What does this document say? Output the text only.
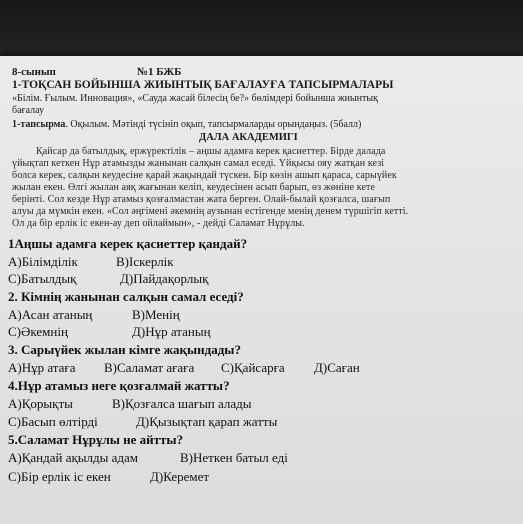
8-сынып	№1 БЖБ

1-ТОҚСАН БОЙЫНША ЖИЫНТЫҚ БАҒАЛАУҒА ТАПСЫРМАЛАРЫ

«Білім. Ғылым. Инновация», «Сауда жасай білесің бе?» бөлімдері бойынша жиынтық

бағалау

1-тапсырма. Оқылым. Мәтінді түсініп оқып, тапсырмаларды орындаңыз. (5балл)

ДАЛА АКАДЕМИГІ

Қайсар да батылдық, ержүректілік – аңшы адамға керек қасиеттер. Бірде далада

үйықтап кеткен Нұр атамызды жанынан салқын самал еседі. Үйқысы ояу жатқан кезі

болса керек, салқын кеудесіне қарай жақындай түскен. Бір көзін ашып қараса, сарыүйек

жылан екен. Өлгі жылан аяқ жағынан келіп, кеудесінен асып барып, өз жөніне кете

берінті. Сол кезде Нұр атамыз қозғалмастан жата берген. Олай-былай қозғалса, шағып

алуы да мүмкін екен. «Сол әңгімені әкемнің аузынан естігенде менің денем түршігіп кетті.

Ол да бір ерлік іс екен-ау деп ойлаймын», - дейді Саламат Нұрұлы.

1Аңшы адамға керек қасиеттер қандай?

A)Білімділік	B)Іскерлік

C)Батылдық	Д)Пайдақорлық

2. Кімнің жанынан салқын самал еседі?

A)Асан атаның	B)Менің

C)Әкемнің	Д)Нұр атаның

3. Сарыүйек жылан кімге жақындады?

A)Нұр атаға B)Саламат ағаға C)Қайсарға Д)Саған

4.Нұр атамыз неге қозғалмай жатты?

A)Қорықты	B)Қозғалса шағып алады

C)Басып өлтірді	Д)Қызықтап қарап жатты

5.Саламат Нұрұлы не айтты?

A)Қандай ақылды адам	B)Неткен батыл еді

C)Бір ерлік іс екен	Д)Керемет
